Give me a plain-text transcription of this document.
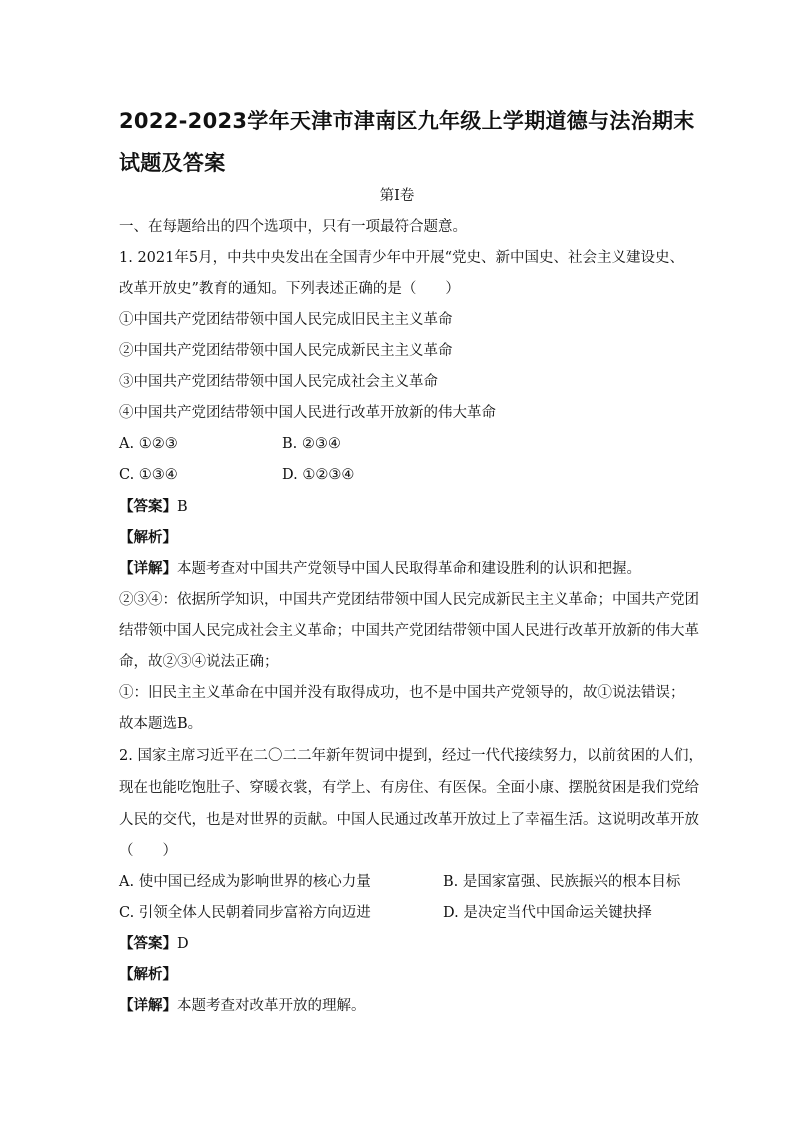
2022-2023学年天津市津南区九年级上学期道德与法治期末试题及答案
第Ⅰ卷
一、在每题给出的四个选项中，只有一项最符合题意。
1. 2021年5月，中共中央发出在全国青少年中开展“党史、新中国史、社会主义建设史、
改革开放史”教育的通知。下列表述正确的是（　　）
①中国共产党团结带领中国人民完成旧民主主义革命
②中国共产党团结带领中国人民完成新民主主义革命
③中国共产党团结带领中国人民完成社会主义革命
④中国共产党团结带领中国人民进行改革开放新的伟大革命
A. ①②③	B. ②③④
C. ①③④	D. ①②③④
【答案】B
【解析】
【详解】本题考查对中国共产党领导中国人民取得革命和建设胜利的认识和把握。
②③④：依据所学知识，中国共产党团结带领中国人民完成新民主主义革命；中国共产党团
结带领中国人民完成社会主义革命；中国共产党团结带领中国人民进行改革开放新的伟大革
命，故②③④说法正确；
①：旧民主主义革命在中国并没有取得成功，也不是中国共产党领导的，故①说法错误；
故本题选B。
2. 国家主席习近平在二〇二二年新年贺词中提到，经过一代代接续努力，以前贫困的人们，
现在也能吃饱肚子、穿暖衣裳，有学上、有房住、有医保。全面小康、摆脱贫困是我们党给
人民的交代，也是对世界的贡献。中国人民通过改革开放过上了幸福生活。这说明改革开放
（　　）
A. 使中国已经成为影响世界的核心力量	B. 是国家富强、民族振兴的根本目标
C. 引领全体人民朝着同步富裕方向迈进	D. 是决定当代中国命运关键抉择
【答案】D
【解析】
【详解】本题考查对改革开放的理解。
